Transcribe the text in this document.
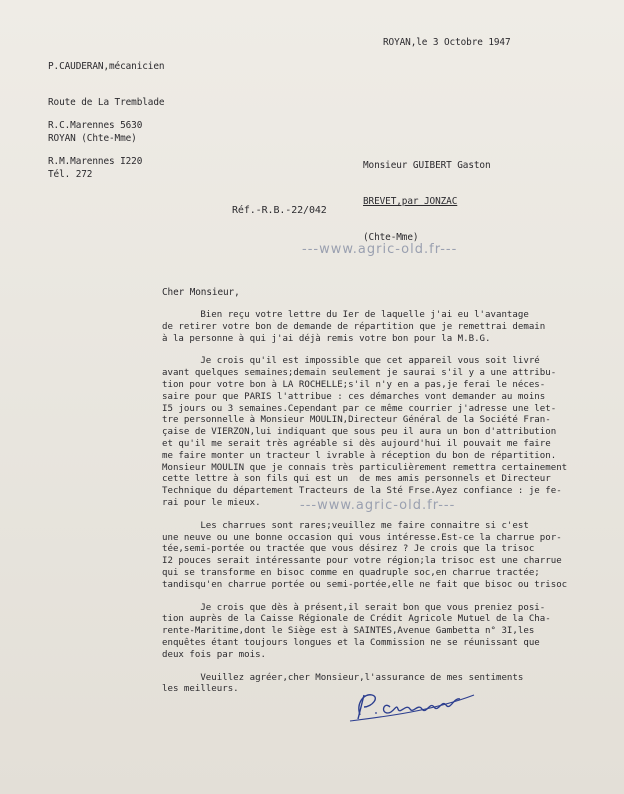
P.CAUDERAN,mécanicien

Route de La Tremblade

ROYAN (Chte-Mme)

Tél. 272

R.C.Marennes 5630

R.M.Marennes I220

ROYAN,le 3 Octobre 1947

Monsieur GUIBERT Gaston

BREVET,par JONZAC

(Chte-Mme)

Réf.-R.B.-22/042
---www.agric-old.fr---
---www.agric-old.fr---
Cher Monsieur,
Bien reçu votre lettre du Ier de laquelle j'ai eu l'avantage
de retirer votre bon de demande de répartition que je remettrai demain
à la personne à qui j'ai déjà remis votre bon pour la M.B.G.
Je crois qu'il est impossible que cet appareil vous soit livré
avant quelques semaines;demain seulement je saurai s'il y a une attribu-
tion pour votre bon à LA ROCHELLE;s'il n'y en a pas,je ferai le néces-
saire pour que PARIS l'attribue : ces démarches vont demander au moins
I5 jours ou 3 semaines.Cependant par ce même courrier j'adresse une let-
tre personnelle à Monsieur MOULIN,Directeur Général de la Société Fran-
çaise de VIERZON,lui indiquant que sous peu il aura un bon d'attribution
et qu'il me serait très agréable si dès aujourd'hui il pouvait me faire
me faire monter un tracteur l ivrable à réception du bon de répartition.
Monsieur MOULIN que je connais très particulièrement remettra certainement
cette lettre à son fils qui est un  de mes amis personnels et Directeur
Technique du département Tracteurs de la Sté Frse.Ayez confiance : je fe-
rai pour le mieux.
Les charrues sont rares;veuillez me faire connaitre si c'est
une neuve ou une bonne occasion qui vous intéresse.Est-ce la charrue por-
tée,semi-portée ou tractée que vous désirez ? Je crois que la trisoc
I2 pouces serait intéressante pour votre région;la trisoc est une charrue
qui se transforme en bisoc comme en quadruple soc,en charrue tractée;
tandisqu'en charrue portée ou semi-portée,elle ne fait que bisoc ou trisoc
Je crois que dès à présent,il serait bon que vous preniez posi-
tion auprès de la Caisse Régionale de Crédit Agricole Mutuel de la Cha-
rente-Maritime,dont le Siège est à SAINTES,Avenue Gambetta n° 3I,les
enquêtes étant toujours longues et la Commission ne se réunissant que
deux fois par mois.
Veuillez agréer,cher Monsieur,l'assurance de mes sentiments
les meilleurs.
